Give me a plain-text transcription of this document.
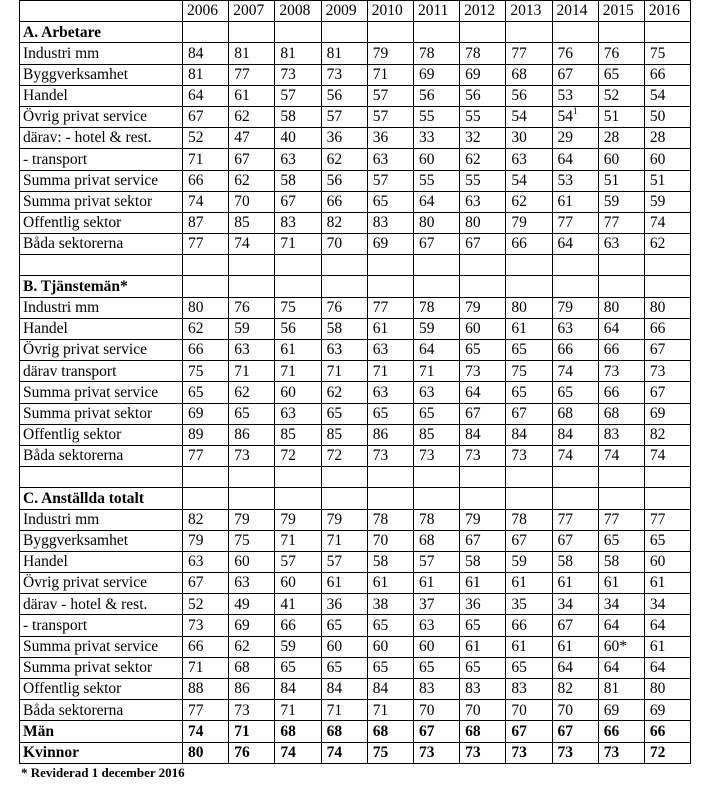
	2006	2007	2008	2009	2010	2011	2012	2013	2014	2015	2016
A. Arbetare											
Industri mm	84	81	81	81	79	78	78	77	76	76	75
Byggverksamhet	81	77	73	73	71	69	69	68	67	65	66
Handel	64	61	57	56	57	56	56	56	53	52	54
Övrig privat service	67	62	58	57	57	55	55	54	$54^1$	51	50
därav: - hotel & rest.	52	47	40	36	36	33	32	30	29	28	28
- transport	71	67	63	62	63	60	62	63	64	60	60
Summa privat service	66	62	58	56	57	55	55	54	53	51	51
Summa privat sektor	74	70	67	66	65	64	63	62	61	59	59
Offentlig sektor	87	85	83	82	83	80	80	79	77	77	74
Båda sektorerna	77	74	71	70	69	67	67	66	64	63	62

B. Tjänstemän*											
Industri mm	80	76	75	76	77	78	79	80	79	80	80
Handel	62	59	56	58	61	59	60	61	63	64	66
Övrig privat service	66	63	61	63	63	64	65	65	66	66	67
därav transport	75	71	71	71	71	71	73	75	74	73	73
Summa privat service	65	62	60	62	63	63	64	65	65	66	67
Summa privat sektor	69	65	63	65	65	65	67	67	68	68	69
Offentlig sektor	89	86	85	85	86	85	84	84	84	83	82
Båda sektorerna	77	73	72	72	73	73	73	73	74	74	74

C. Anställda totalt											
Industri mm	82	79	79	79	78	78	79	78	77	77	77
Byggverksamhet	79	75	71	71	70	68	67	67	67	65	65
Handel	63	60	57	57	58	57	58	59	58	58	60
Övrig privat service	67	63	60	61	61	61	61	61	61	61	61
därav - hotel & rest.	52	49	41	36	38	37	36	35	34	34	34
- transport	73	69	66	65	65	63	65	66	67	64	64
Summa privat service	66	62	59	60	60	60	61	61	61	60*	61
Summa privat sektor	71	68	65	65	65	65	65	65	64	64	64
Offentlig sektor	88	86	84	84	84	83	83	83	82	81	80
Båda sektorerna	77	73	71	71	71	70	70	70	70	69	69
Män	74	71	68	68	68	67	68	67	67	66	66
Kvinnor	80	76	74	74	75	73	73	73	73	73	72
* Reviderad 1 december 2016
